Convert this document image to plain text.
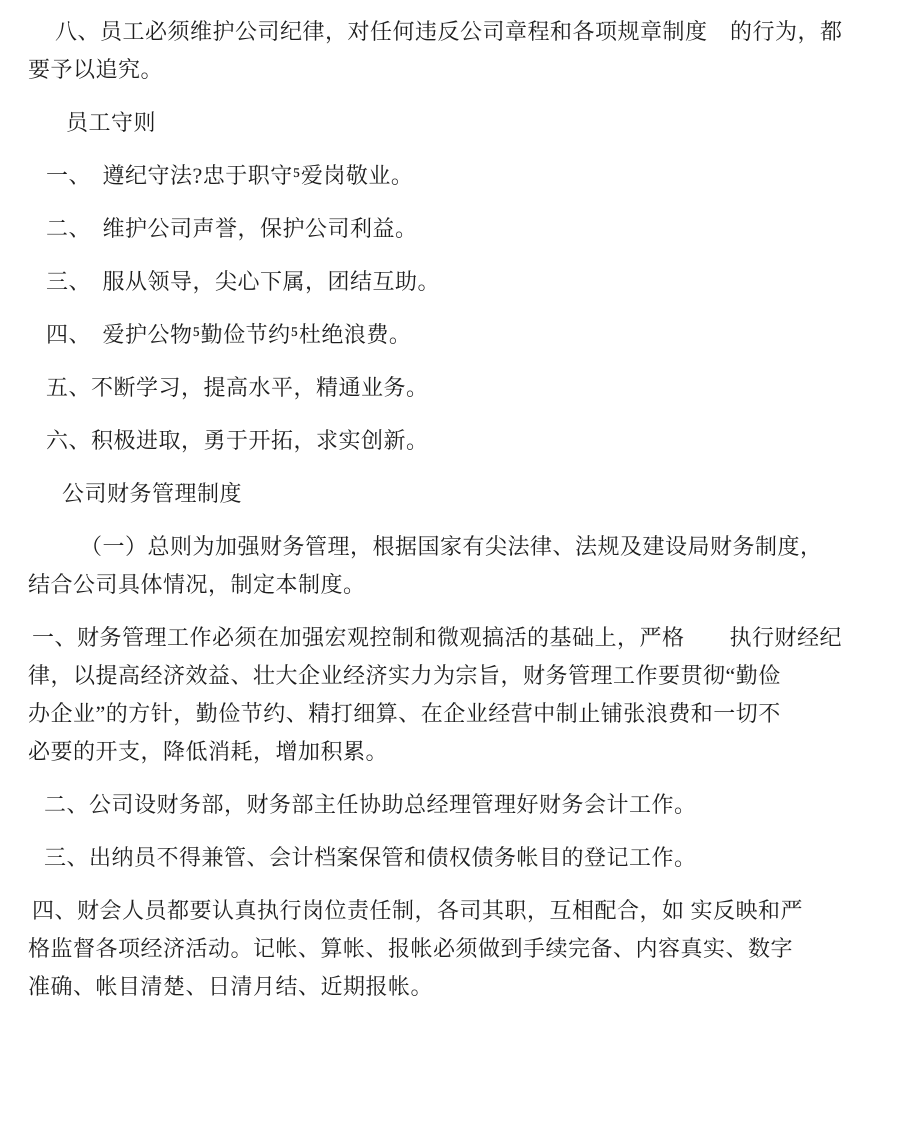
八、员工必须维护公司纪律，对任何违反公司章程和各项规章制度　的行为，都
要予以追究。

员工守则

一、　遵纪守法?忠于职守⁵爱岗敬业。

二、　维护公司声誉，保护公司利益。

三、　服从领导，尖心下属，团结互助。

四、　爱护公物⁵勤俭节约⁵杜绝浪费。

五、不断学习，提高水平，精通业务。

六、积极进取，勇于开拓，求实创新。

公司财务管理制度

（一）总则为加强财务管理，根据国家有尖法律、法规及建设局财务制度，
结合公司具体情况，制定本制度。

一、财务管理工作必须在加强宏观控制和微观搞活的基础上，严格　　执行财经纪
律，以提高经济效益、壮大企业经济实力为宗旨，财务管理工作要贯彻“勤俭
办企业”的方针，勤俭节约、精打细算、在企业经营中制止铺张浪费和一切不
必要的开支，降低消耗，增加积累。

二、公司设财务部，财务部主任协助总经理管理好财务会计工作。

三、出纳员不得兼管、会计档案保管和债权债务帐目的登记工作。

四、财会人员都要认真执行岗位责任制，各司其职，互相配合，如 实反映和严
格监督各项经济活动。记帐、算帐、报帐必须做到手续完备、内容真实、数字
准确、帐目清楚、日清月结、近期报帐。
